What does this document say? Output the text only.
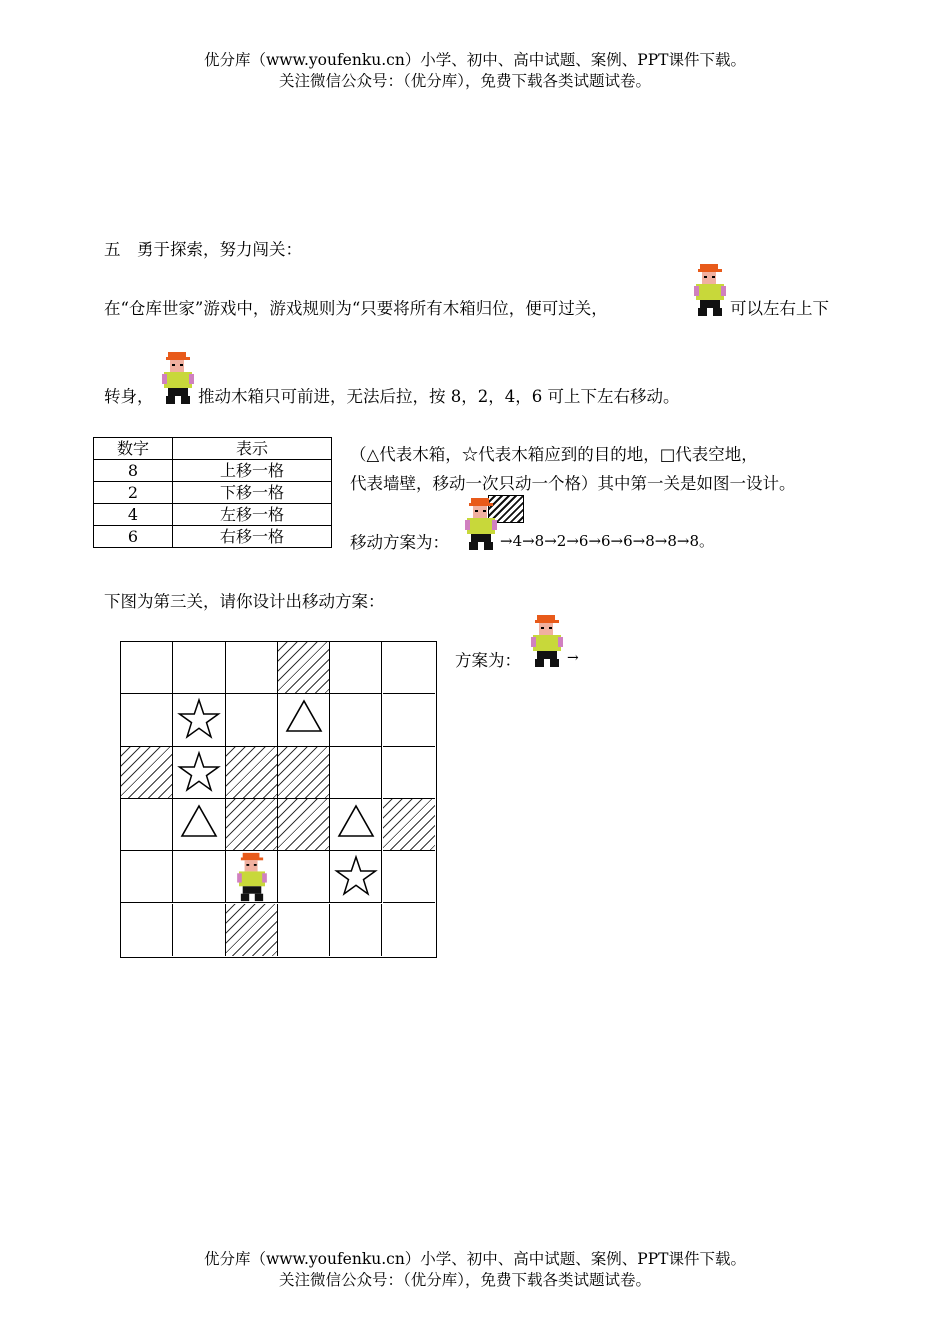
优分库（www.youfenku.cn）小学、初中、高中试题、案例、PPT课件下载。
关注微信公众号：（优分库），免费下载各类试题试卷。
五　勇于探索，努力闯关：
在“仓库世家”游戏中，游戏规则为“只要将所有木箱归位，便可过关，	可以左右上下
转身，	推动木箱只可前进，无法后拉，按 8，2，4，6 可上下左右移动。
数字	表示
8	上移一格
2	下移一格
4	左移一格
6	右移一格
（△代表木箱，☆代表木箱应到的目的地，□代表空地，
代表墙壁，移动一次只动一个格）其中第一关是如图一设计。
移动方案为：	→4→8→2→6→6→6→8→8→8。
下图为第三关，请你设计出移动方案：
方案为：	→
优分库（www.youfenku.cn）小学、初中、高中试题、案例、PPT课件下载。
关注微信公众号：（优分库），免费下载各类试题试卷。
